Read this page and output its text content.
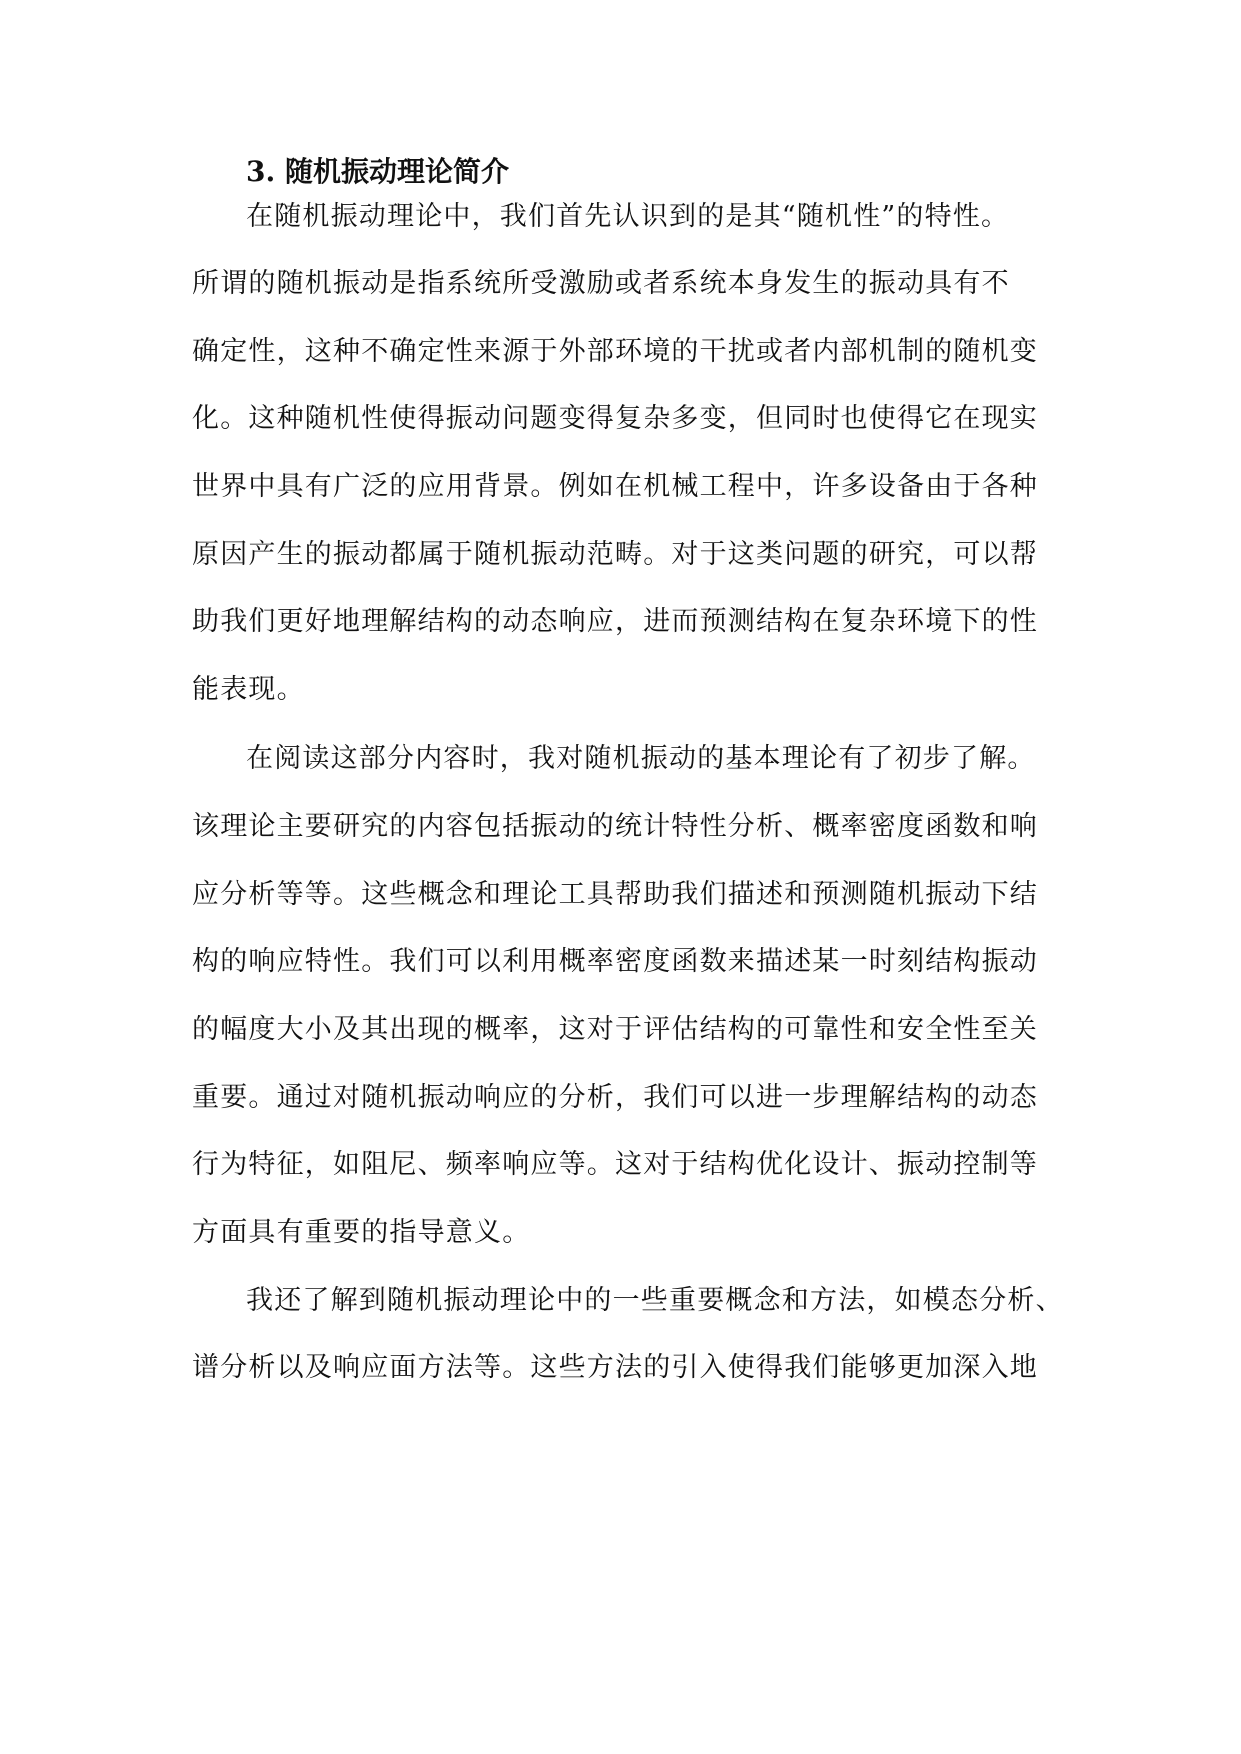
3. 随机振动理论简介
在随机振动理论中，我们首先认识到的是其“随机性”的特性。
所谓的随机振动是指系统所受激励或者系统本身发生的振动具有不
确定性，这种不确定性来源于外部环境的干扰或者内部机制的随机变
化。这种随机性使得振动问题变得复杂多变，但同时也使得它在现实
世界中具有广泛的应用背景。例如在机械工程中，许多设备由于各种
原因产生的振动都属于随机振动范畴。对于这类问题的研究，可以帮
助我们更好地理解结构的动态响应，进而预测结构在复杂环境下的性
能表现。
在阅读这部分内容时，我对随机振动的基本理论有了初步了解。
该理论主要研究的内容包括振动的统计特性分析、概率密度函数和响
应分析等等。这些概念和理论工具帮助我们描述和预测随机振动下结
构的响应特性。我们可以利用概率密度函数来描述某一时刻结构振动
的幅度大小及其出现的概率，这对于评估结构的可靠性和安全性至关
重要。通过对随机振动响应的分析，我们可以进一步理解结构的动态
行为特征，如阻尼、频率响应等。这对于结构优化设计、振动控制等
方面具有重要的指导意义。
我还了解到随机振动理论中的一些重要概念和方法，如模态分析、
谱分析以及响应面方法等。这些方法的引入使得我们能够更加深入地
